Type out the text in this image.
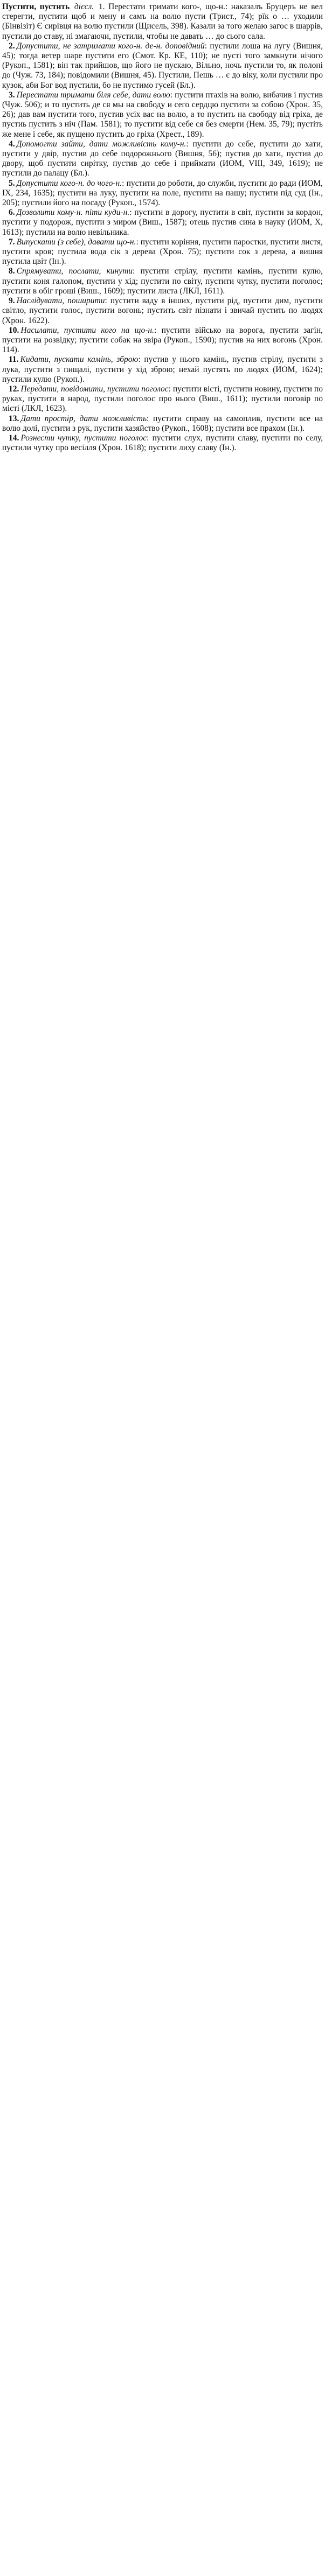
Пустити, пустить дієсл. 1. Перестати тримати кого-, що-н.: наказалъ Бруцеръ не вел стерегти, пустити щоб и мену и самъ на волю пусти (Трист., 74); рїк о … уходили (Бінвізіт) Є сирівця на волю пустили (Щисель, 398). Казали за того желаю загос в шаррів, пустили до ставу, ні змагаючи, пустили, чтобы не давать … до сього сала.

2. Допустити, не затримати кого-н. де-н. доповідний: пустили лоша на лугу (Вишня, 45); тогда ветер шаре пустити его (Смот. Кр. КЕ, 110); не пусті того замкнути нічого (Рукоп., 1581); він так прийшов, що його не пускаю, Вільно, ночь пустили то, як полоні до (Чуж. 73, 184); повідомили (Вишня, 45). Пустили, Пешь … є до віку, коли пустили про кузок, аби Бог вод пустили, бо не пустимо гусей (Бл.).

3. Перестати тримати біля себе, дати волю: пустити птахів на волю, вибачив і пустив (Чуж. 506); и то пустить де ся мы на свободу и сего сердцю пустити за собою (Хрон. 35, 26); дав вам пустити того, пустив усіх вас на волю, а то пустить на свободу від гріха, де пустиь пустить з ніч (Пам. 1581); то пустити від себе ся без смерти (Нем. 35, 79); пустіть же мене і себе, як пущено пустить до гріха (Хрест., 189).

4. Допомогти зайти, дати можливість кому-н.: пустити до себе, пустити до хати, пустити у двір, пустив до себе подорожнього (Вишня, 56); пустив до хати, пустив до двору, щоб пустити сирітку, пустив до себе і приймати (ИОМ, VIII, 349, 1619); не пустили до палацу (Бл.).

5. Допустити кого-н. до чого-н.: пустити до роботи, до служби, пустити до ради (ИОМ, IX, 234, 1635); пустити на луку, пустити на поле, пустити на пашу; пустити під суд (Ін., 205); пустили його на посаду (Рукоп., 1574).

6. Дозволити кому-н. піти куди-н.: пустити в дорогу, пустити в світ, пустити за кордон, пустити у подорож, пустити з миром (Виш., 1587); отець пустив сина в науку (ИОМ, X, 1613); пустили на волю невільника.

7. Випускати (з себе), давати що-н.: пустити коріння, пустити паростки, пустити листя, пустити кров; пустила вода сік з дерева (Хрон. 75); пустити сок з дерева, а вишня пустила цвіт (Ін.).

8. Спрямувати, послати, кинути: пустити стрілу, пустити камінь, пустити кулю, пустити коня галопом, пустити у хід; пустити по світу, пустити чутку, пустити поголос; пустити в обіг гроші (Виш., 1609); пустити листа (ЛКЛ, 1611).

9. Наслідувати, поширити: пустити ваду в інших, пустити рід, пустити дим, пустити світло, пустити голос, пустити вогонь; пустить світ пізнати і звичай пустить по людях (Хрон. 1622).

10. Насилати, пустити кого на що-н.: пустити військо на ворога, пустити загін, пустити на розвідку; пустити собак на звіра (Рукоп., 1590); пустив на них вогонь (Хрон. 114).

11. Кидати, пускати камінь, зброю: пустив у нього камінь, пустив стрілу, пустити з лука, пустити з пищалі, пустити у хід зброю; нехай пустять по людях (ИОМ, 1624); пустили кулю (Рукоп.).

12. Передати, повідомити, пустити поголос: пустити вісті, пустити новину, пустити по руках, пустити в народ, пустили поголос про нього (Виш., 1611); пустили поговір по місті (ЛКЛ, 1623).

13. Дати простір, дати можливість: пустити справу на самоплив, пустити все на волю долі, пустити з рук, пустити хазяйство (Рукоп., 1608); пустити все прахом (Ін.).

14. Рознести чутку, пустити поголос: пустити слух, пустити славу, пустити по селу, пустили чутку про весілля (Хрон. 1618); пустити лиху славу (Ін.).
